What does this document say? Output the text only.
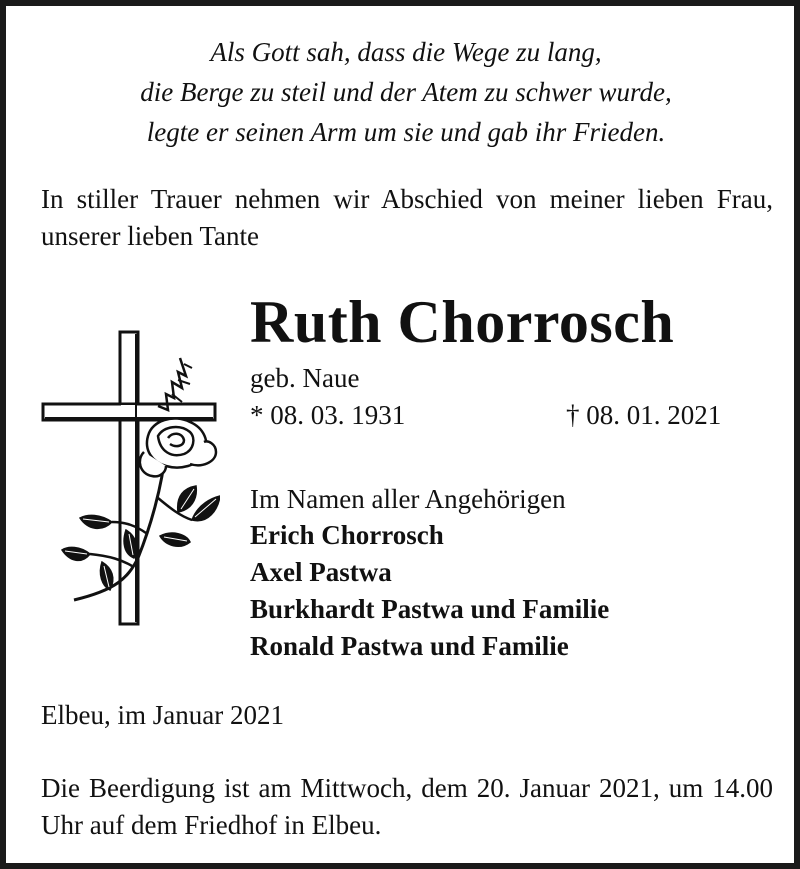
Als Gott sah, dass die Wege zu lang,
die Berge zu steil und der Atem zu schwer wurde,
legte er seinen Arm um sie und gab ihr Frieden.
In stiller Trauer nehmen wir Abschied von meiner lieben Frau, unserer lieben Tante
Ruth Chorrosch
geb. Naue
* 08. 03. 1931	† 08. 01. 2021
Im Namen aller Angehörigen
Erich Chorrosch
Axel Pastwa
Burkhardt Pastwa und Familie
Ronald Pastwa und Familie
Elbeu, im Januar 2021
Die Beerdigung ist am Mittwoch, dem 20. Januar 2021, um 14.00 Uhr auf dem Friedhof in Elbeu.
